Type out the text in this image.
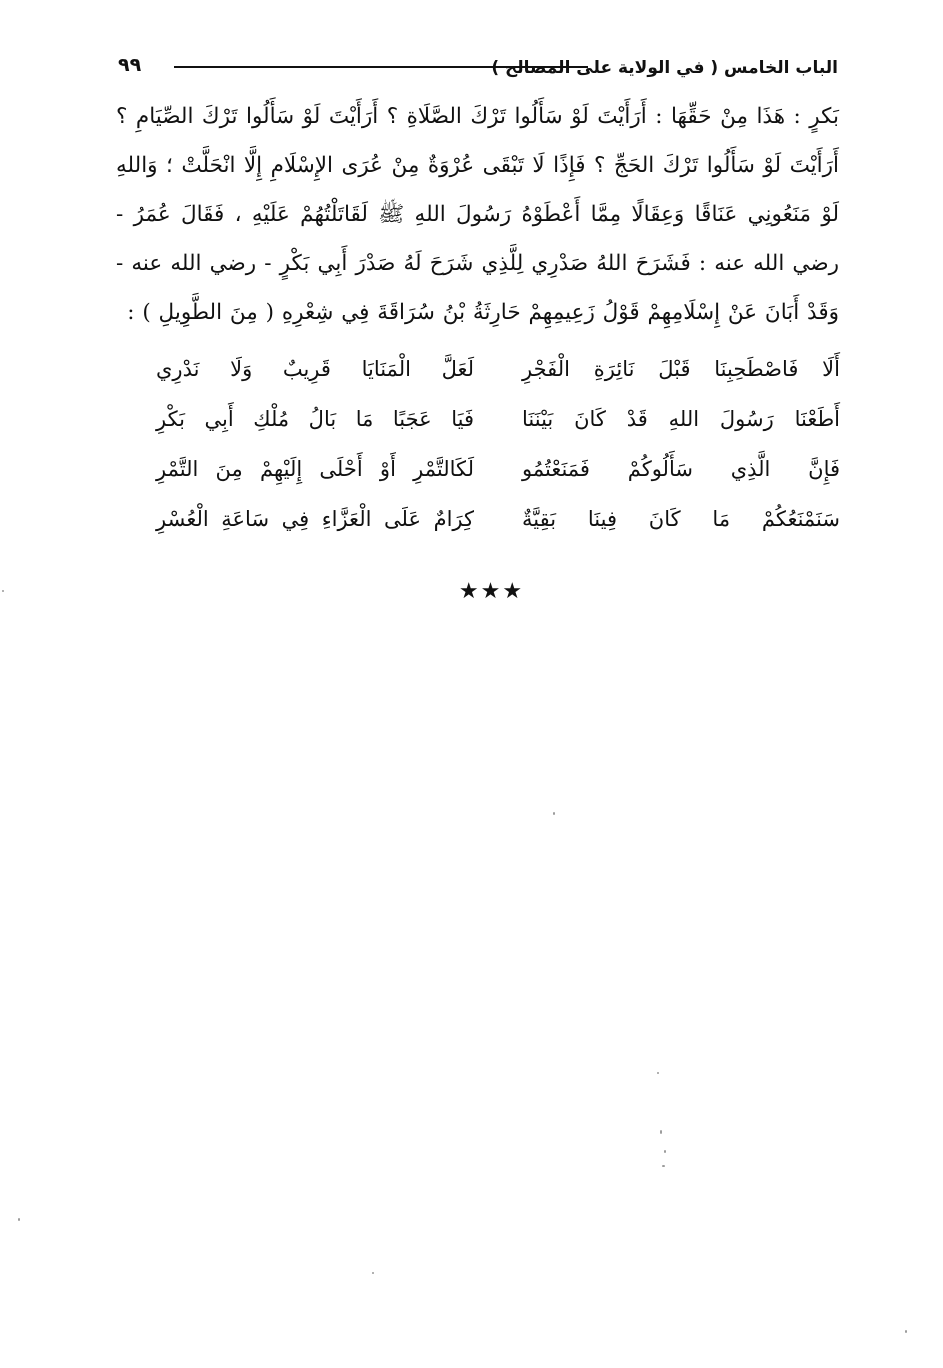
الباب الخامس ( في الولاية على المصالح )
٩٩
بَكرٍ : هَذَا مِنْ حَقِّهَا : أَرَأَيْتَ لَوْ سَأَلُوا تَرْكَ الصَّلَاةِ ؟ أَرَأَيْتَ لَوْ سَأَلُوا تَرْكَ الصِّيَامِ ؟ أَرَأَيْتَ لَوْ سَأَلُوا تَرْكَ الحَجِّ ؟ فَإِذًا لَا تَبْقَى عُرْوَةٌ مِنْ عُرَى الإِسْلَامِ إِلَّا انْحَلَّتْ ؛ وَاللهِ لَوْ مَنَعُونِي عَنَاقًا وَعِقَالًا مِمَّا أَعْطَوْهُ رَسُولَ اللهِ ﷺ لَقَاتَلْتُهُمْ عَلَيْهِ ، فَقَالَ عُمَرُ - رضي الله عنه : فَشَرَحَ اللهُ صَدْرِي لِلَّذِي شَرَحَ لَهُ صَدْرَ أَبِي بَكْرٍ - رضي الله عنه - وَقَدْ أَبَانَ عَنْ إِسْلَامِهِمْ قَوْلُ زَعِيمِهِمْ حَارِثَةُ بْنُ سُرَاقَةَ فِي شِعْرِهِ ( مِنَ الطَّوِيلِ ) :
أَلَا فَاصْطَحِبِنَا قَبْلَ نَائِرَةِ الْفَجْرِ
لَعَلَّ الْمَنَايَا قَرِيبٌ وَلَا نَدْرِي
أَطَعْنَا رَسُولَ اللهِ قَدْ كَانَ بَيْنَنَا
فَيَا عَجَبًا مَا بَالُ مُلْكِ أَبِي بَكْرِ
فَإِنَّ الَّذِي سَأَلُوكُمْ فَمَنَعْتُمُو
لَكَالتَّمْرِ أَوْ أَحْلَى إِلَيْهِمْ مِنَ التَّمْرِ
سَنَمْنَعُكُمْ مَا كَانَ فِينَا بَقِيَّةٌ
كِرَامٌ عَلَى الْعَزَّاءِ فِي سَاعَةِ الْعُسْرِ
★★★
